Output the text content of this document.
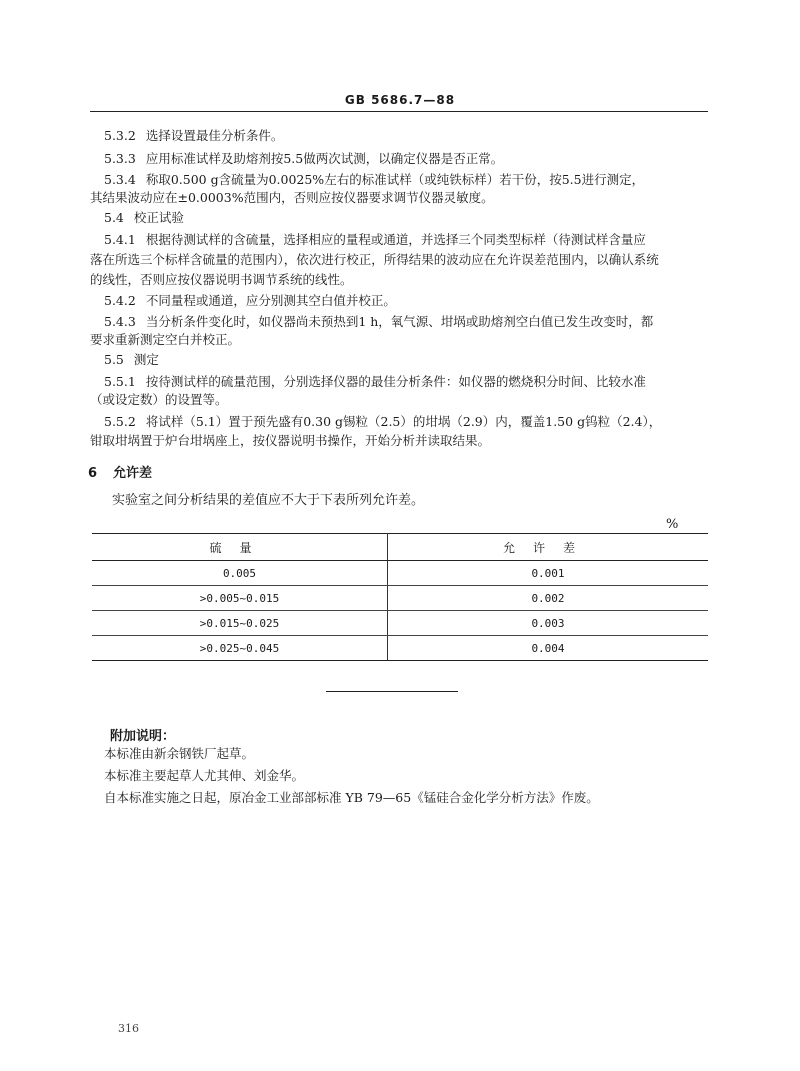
GB 5686.7—88
5.3.2 选择设置最佳分析条件。
5.3.3 应用标准试样及助熔剂按5.5做两次试测，以确定仪器是否正常。
5.3.4 称取0.500 g含硫量为0.0025%左右的标准试样（或纯铁标样）若干份，按5.5进行测定，
其结果波动应在±0.0003%范围内，否则应按仪器要求调节仪器灵敏度。
5.4 校正试验
5.4.1 根据待测试样的含硫量，选择相应的量程或通道，并选择三个同类型标样（待测试样含量应
落在所选三个标样含硫量的范围内），依次进行校正，所得结果的波动应在允许误差范围内，以确认系统
的线性，否则应按仪器说明书调节系统的线性。
5.4.2 不同量程或通道，应分别测其空白值并校正。
5.4.3 当分析条件变化时，如仪器尚未预热到1 h，氧气源、坩埚或助熔剂空白值已发生改变时，都
要求重新测定空白并校正。
5.5 测定
5.5.1 按待测试样的硫量范围，分别选择仪器的最佳分析条件：如仪器的燃烧积分时间、比较水准
（或设定数）的设置等。
5.5.2 将试样（5.1）置于预先盛有0.30 g锡粒（2.5）的坩埚（2.9）内，覆盖1.50 g钨粒（2.4），
钳取坩埚置于炉台坩埚座上，按仪器说明书操作，开始分析并读取结果。
6 允许差
实验室之间分析结果的差值应不大于下表所列允许差。
%
硫量	允许差
0.005	0.001
>0.005~0.015	0.002
>0.015~0.025	0.003
>0.025~0.045	0.004
附加说明：
本标准由新余钢铁厂起草。
本标准主要起草人尤其伸、刘金华。
自本标准实施之日起，原冶金工业部部标准 YB 79—65《锰硅合金化学分析方法》作废。
316
